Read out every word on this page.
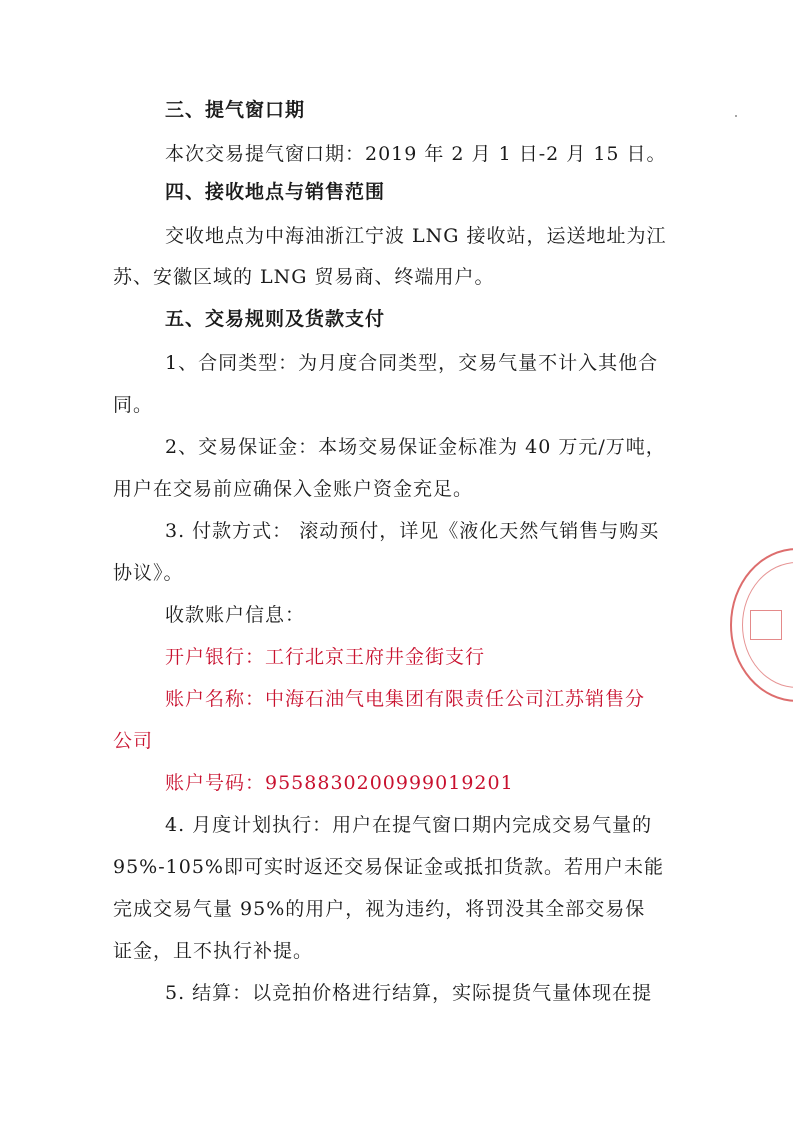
三、提气窗口期
本次交易提气窗口期：2019 年 2 月 1 日-2 月 15 日。
四、接收地点与销售范围
交收地点为中海油浙江宁波 LNG 接收站，运送地址为江
苏、安徽区域的 LNG 贸易商、终端用户。
五、交易规则及货款支付
1、合同类型：为月度合同类型，交易气量不计入其他合
同。
2、交易保证金：本场交易保证金标准为 40 万元/万吨，
用户在交易前应确保入金账户资金充足。
3. 付款方式： 滚动预付，详见《液化天然气销售与购买
协议》。
收款账户信息：
开户银行：工行北京王府井金街支行
账户名称：中海石油气电集团有限责任公司江苏销售分
公司
账户号码：9558830200999019201
4. 月度计划执行：用户在提气窗口期内完成交易气量的
95%-105%即可实时返还交易保证金或抵扣货款。若用户未能
完成交易气量 95%的用户，视为违约，将罚没其全部交易保
证金，且不执行补提。
5. 结算：以竞拍价格进行结算，实际提货气量体现在提
